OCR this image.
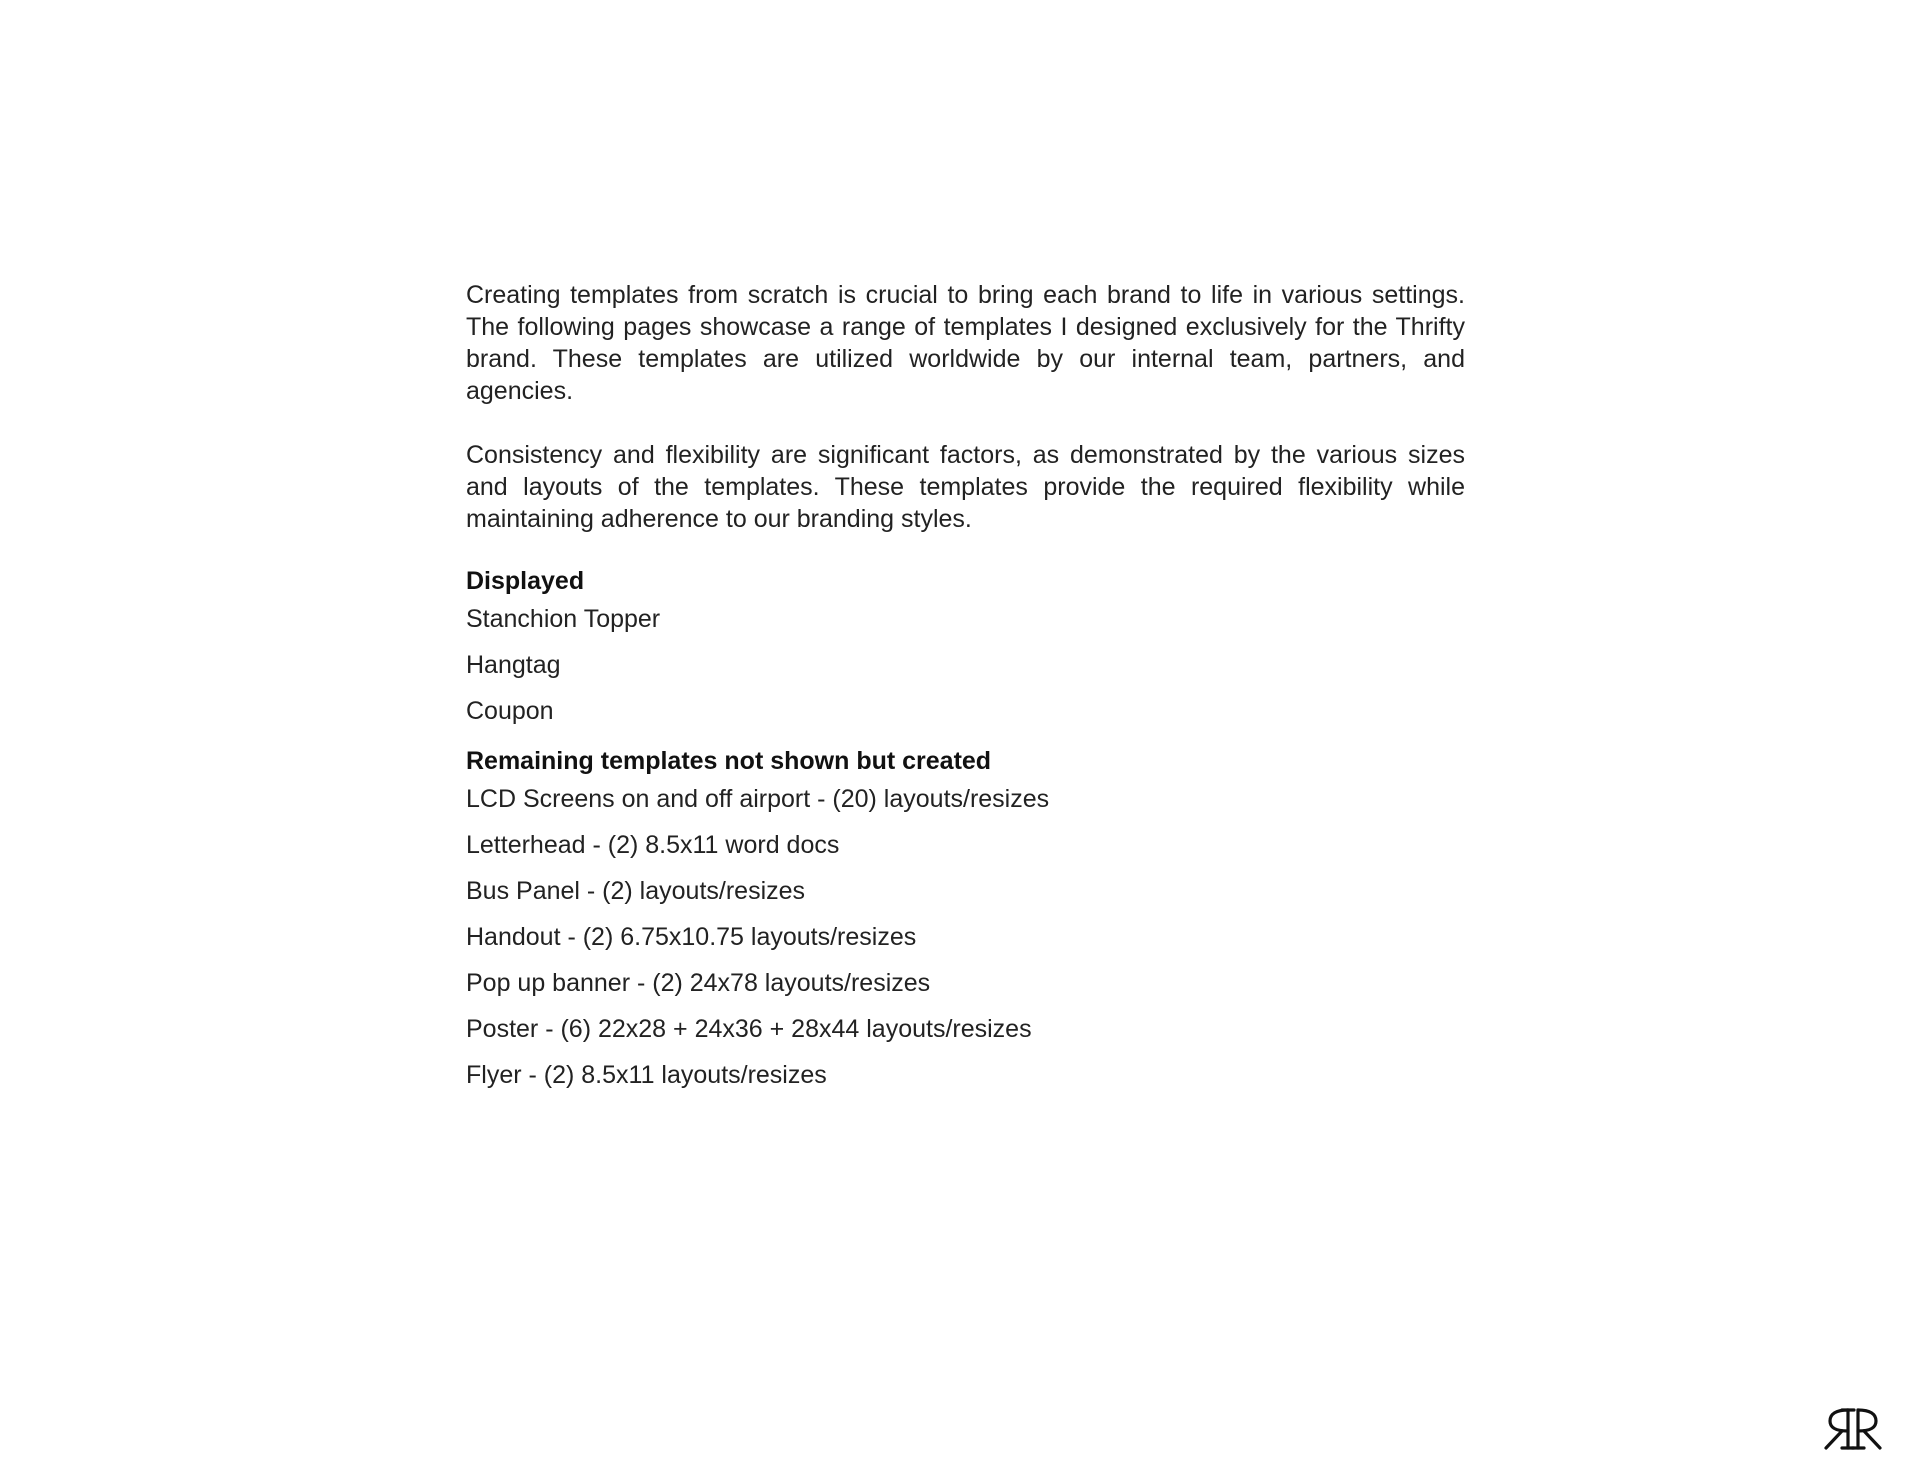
Creating templates from scratch is crucial to bring each brand to life in various settings. The following pages showcase a range of templates I designed exclusively for the Thrifty brand. These templates are utilized worldwide by our internal team, partners, and agencies.

Consistency and flexibility are significant factors, as demonstrated by the various sizes and layouts of the templates. These templates provide the required flexibility while maintaining adherence to our branding styles.

Displayed

Stanchion Topper

Hangtag

Coupon

Remaining templates not shown but created

LCD Screens on and off airport - (20) layouts/resizes

Letterhead - (2) 8.5x11 word docs

Bus Panel - (2) layouts/resizes

Handout - (2) 6.75x10.75 layouts/resizes

Pop up banner - (2) 24x78 layouts/resizes

Poster - (6) 22x28 + 24x36 + 28x44 layouts/resizes

Flyer - (2) 8.5x11 layouts/resizes
